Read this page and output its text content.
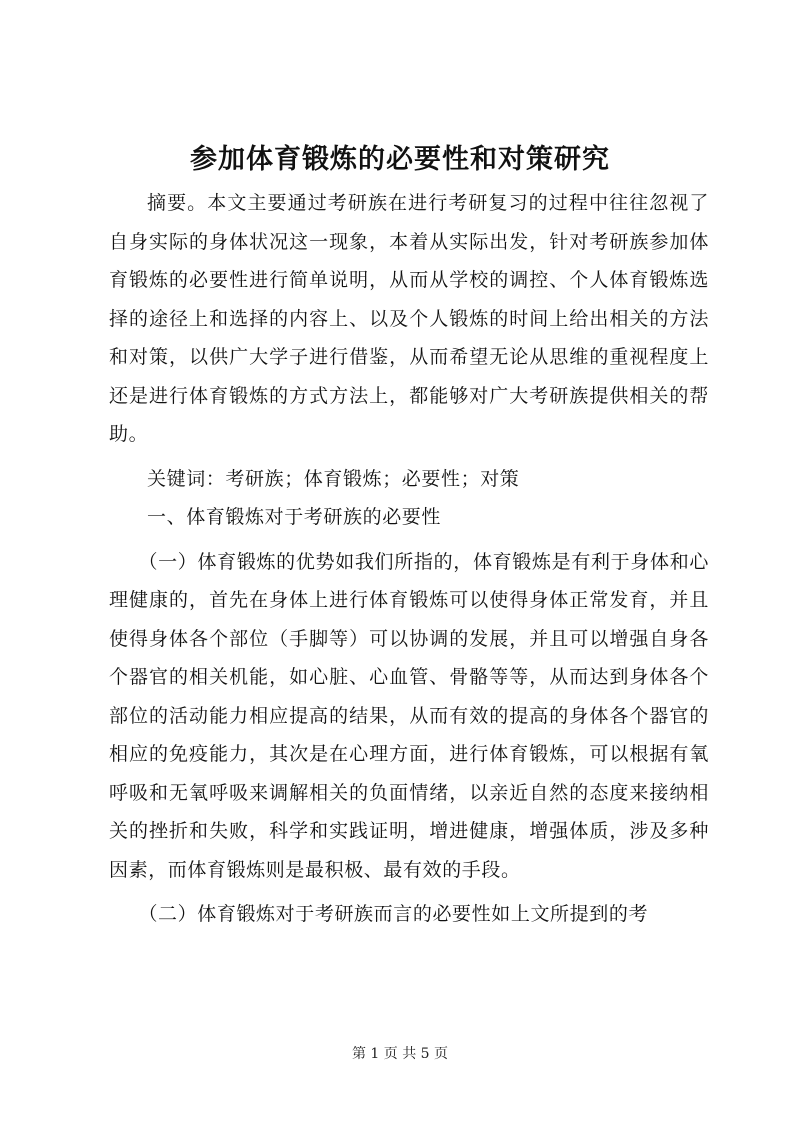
参加体育锻炼的必要性和对策研究

摘要。本文主要通过考研族在进行考研复习的过程中往往忽视了自身实际的身体状况这一现象，本着从实际出发，针对考研族参加体育锻炼的必要性进行简单说明，从而从学校的调控、个人体育锻炼选择的途径上和选择的内容上、以及个人锻炼的时间上给出相关的方法和对策，以供广大学子进行借鉴，从而希望无论从思维的重视程度上还是进行体育锻炼的方式方法上，都能够对广大考研族提供相关的帮助。

关键词：考研族；体育锻炼；必要性；对策

一、体育锻炼对于考研族的必要性

（一）体育锻炼的优势如我们所指的，体育锻炼是有利于身体和心理健康的，首先在身体上进行体育锻炼可以使得身体正常发育，并且使得身体各个部位（手脚等）可以协调的发展，并且可以增强自身各个器官的相关机能，如心脏、心血管、骨骼等等，从而达到身体各个部位的活动能力相应提高的结果，从而有效的提高的身体各个器官的相应的免疫能力，其次是在心理方面，进行体育锻炼，可以根据有氧呼吸和无氧呼吸来调解相关的负面情绪，以亲近自然的态度来接纳相关的挫折和失败，科学和实践证明，增进健康，增强体质，涉及多种因素，而体育锻炼则是最积极、最有效的手段。

（二）体育锻炼对于考研族而言的必要性如上文所提到的考

第 1 页 共 5 页
